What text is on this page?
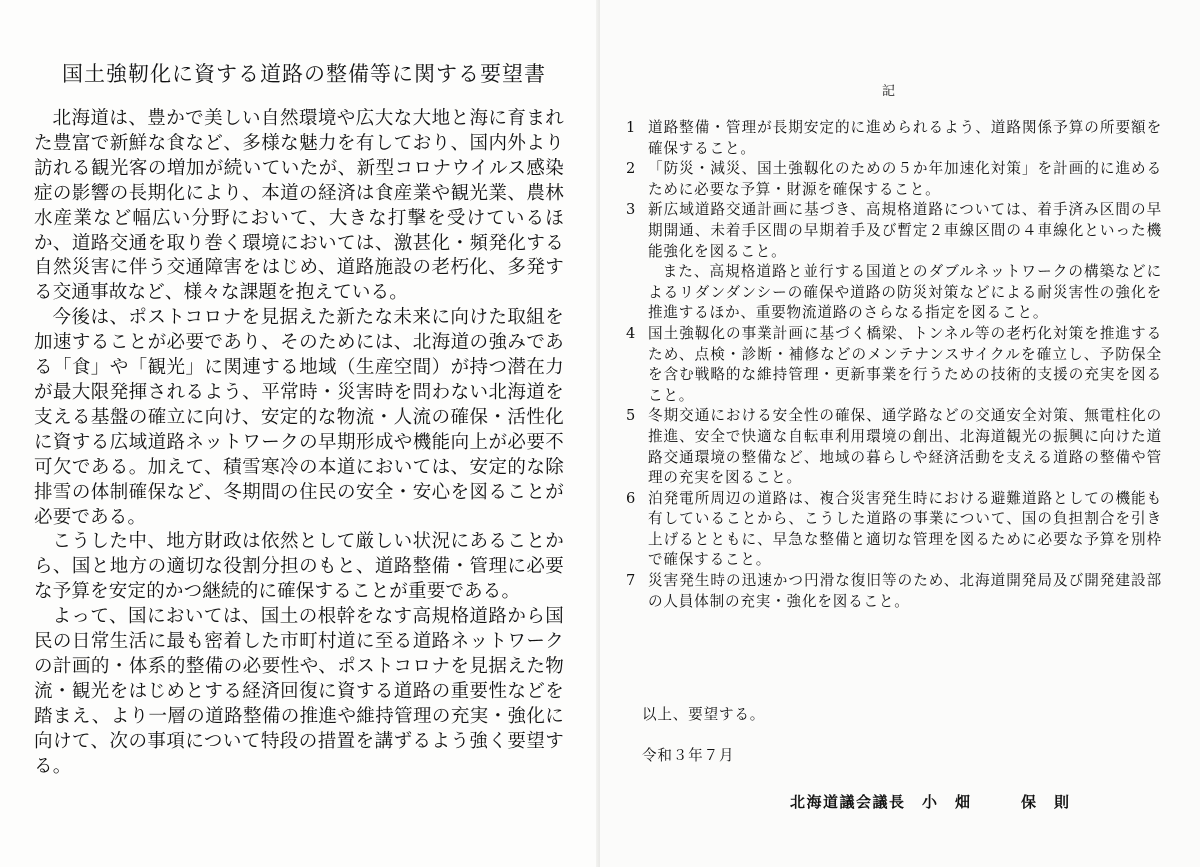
国土強靭化に資する道路の整備等に関する要望書

北海道は、豊かで美しい自然環境や広大な大地と海に育まれた豊富で新鮮な食など、多様な魅力を有しており、国内外より訪れる観光客の増加が続いていたが、新型コロナウイルス感染症の影響の長期化により、本道の経済は食産業や観光業、農林水産業など幅広い分野において、大きな打撃を受けているほか、道路交通を取り巻く環境においては、激甚化・頻発化する自然災害に伴う交通障害をはじめ、道路施設の老朽化、多発する交通事故など、様々な課題を抱えている。

今後は、ポストコロナを見据えた新たな未来に向けた取組を加速することが必要であり、そのためには、北海道の強みである「食」や「観光」に関連する地域（生産空間）が持つ潜在力が最大限発揮されるよう、平常時・災害時を問わない北海道を支える基盤の確立に向け、安定的な物流・人流の確保・活性化に資する広域道路ネットワークの早期形成や機能向上が必要不可欠である。加えて、積雪寒冷の本道においては、安定的な除排雪の体制確保など、冬期間の住民の安全・安心を図ることが必要である。

こうした中、地方財政は依然として厳しい状況にあることから、国と地方の適切な役割分担のもと、道路整備・管理に必要な予算を安定的かつ継続的に確保することが重要である。

よって、国においては、国土の根幹をなす高規格道路から国民の日常生活に最も密着した市町村道に至る道路ネットワークの計画的・体系的整備の必要性や、ポストコロナを見据えた物流・観光をはじめとする経済回復に資する道路の重要性などを踏まえ、より一層の道路整備の推進や維持管理の充実・強化に向けて、次の事項について特段の措置を講ずるよう強く要望する。

記
1 道路整備・管理が長期安定的に進められるよう、道路関係予算の所要額を確保すること。
2 「防災・減災、国土強靱化のための５か年加速化対策」を計画的に進めるために必要な予算・財源を確保すること。
3 新広域道路交通計画に基づき、高規格道路については、着手済み区間の早期開通、未着手区間の早期着手及び暫定２車線区間の４車線化といった機能強化を図ること。

また、高規格道路と並行する国道とのダブルネットワークの構築などによるリダンダンシーの確保や道路の防災対策などによる耐災害性の強化を推進するほか、重要物流道路のさらなる指定を図ること。

4 国土強靱化の事業計画に基づく橋梁、トンネル等の老朽化対策を推進するため、点検・診断・補修などのメンテナンスサイクルを確立し、予防保全を含む戦略的な維持管理・更新事業を行うための技術的支援の充実を図ること。
5 冬期交通における安全性の確保、通学路などの交通安全対策、無電柱化の推進、安全で快適な自転車利用環境の創出、北海道観光の振興に向けた道路交通環境の整備など、地域の暮らしや経済活動を支える道路の整備や管理の充実を図ること。
6 泊発電所周辺の道路は、複合災害発生時における避難道路としての機能も有していることから、こうした道路の事業について、国の負担割合を引き上げるとともに、早急な整備と適切な管理を図るために必要な予算を別枠で確保すること。
7 災害発生時の迅速かつ円滑な復旧等のため、北海道開発局及び開発建設部の人員体制の充実・強化を図ること。
以上、要望する。
令和３年７月
北海道議会議長　小　畑　　　保　則
